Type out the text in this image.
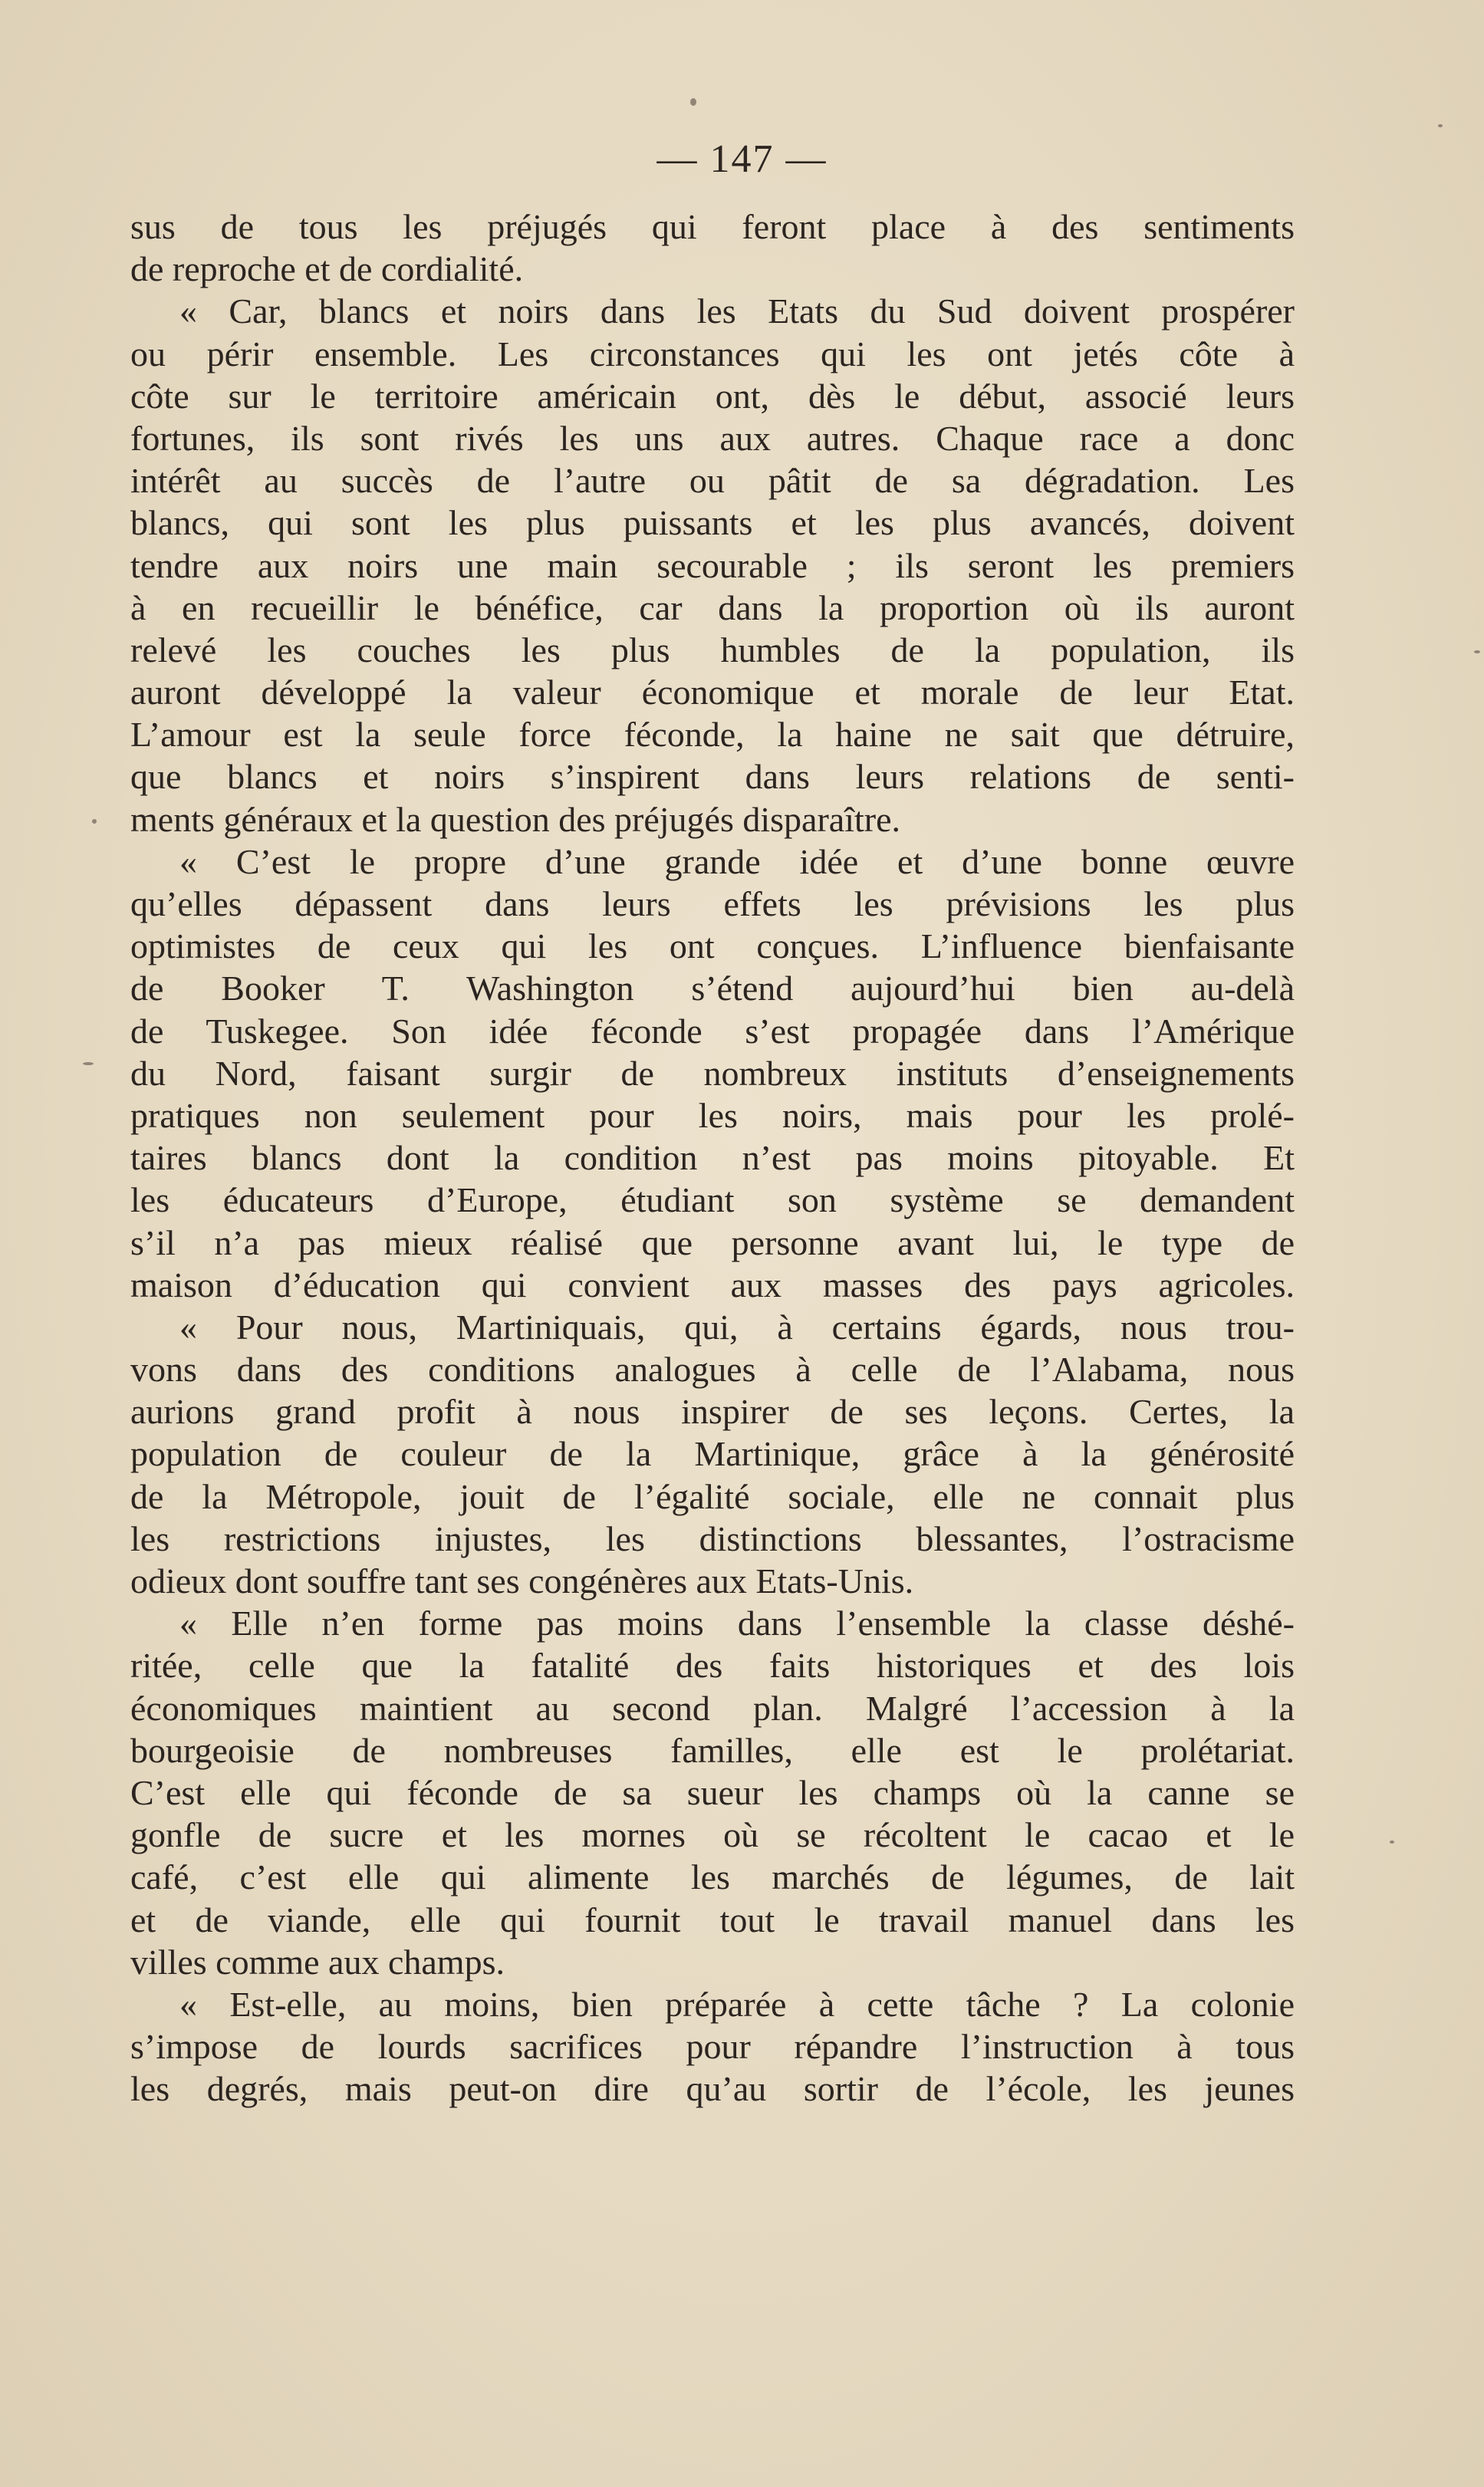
— 147 —
sus de tous les préjugés qui feront place à des sentiments
de reproche et de cordialité.
« Car, blancs et noirs dans les Etats du Sud doivent prospérer
ou périr ensemble. Les circonstances qui les ont jetés côte à
côte sur le territoire américain ont, dès le début, associé leurs
fortunes, ils sont rivés les uns aux autres. Chaque race a donc
intérêt au succès de l’autre ou pâtit de sa dégradation. Les
blancs, qui sont les plus puissants et les plus avancés, doivent
tendre aux noirs une main secourable ; ils seront les premiers
à en recueillir le bénéfice, car dans la proportion où ils auront
relevé les couches les plus humbles de la population, ils
auront développé la valeur économique et morale de leur Etat.
L’amour est la seule force féconde, la haine ne sait que détruire,
que blancs et noirs s’inspirent dans leurs relations de senti-
ments généraux et la question des préjugés disparaître.
« C’est le propre d’une grande idée et d’une bonne œuvre
qu’elles dépassent dans leurs effets les prévisions les plus
optimistes de ceux qui les ont conçues. L’influence bienfaisante
de Booker T. Washington s’étend aujourd’hui bien au-delà
de Tuskegee. Son idée féconde s’est propagée dans l’Amérique
du Nord, faisant surgir de nombreux instituts d’enseignements
pratiques non seulement pour les noirs, mais pour les prolé-
taires blancs dont la condition n’est pas moins pitoyable. Et
les éducateurs d’Europe, étudiant son système se demandent
s’il n’a pas mieux réalisé que personne avant lui, le type de
maison d’éducation qui convient aux masses des pays agricoles.
« Pour nous, Martiniquais, qui, à certains égards, nous trou-
vons dans des conditions analogues à celle de l’Alabama, nous
aurions grand profit à nous inspirer de ses leçons. Certes, la
population de couleur de la Martinique, grâce à la générosité
de la Métropole, jouit de l’égalité sociale, elle ne connait plus
les restrictions injustes, les distinctions blessantes, l’ostracisme
odieux dont souffre tant ses congénères aux Etats-Unis.
« Elle n’en forme pas moins dans l’ensemble la classe déshé-
ritée, celle que la fatalité des faits historiques et des lois
économiques maintient au second plan. Malgré l’accession à la
bourgeoisie de nombreuses familles, elle est le prolétariat.
C’est elle qui féconde de sa sueur les champs où la canne se
gonfle de sucre et les mornes où se récoltent le cacao et le
café, c’est elle qui alimente les marchés de légumes, de lait
et de viande, elle qui fournit tout le travail manuel dans les
villes comme aux champs.
« Est-elle, au moins, bien préparée à cette tâche ? La colonie
s’impose de lourds sacrifices pour répandre l’instruction à tous
les degrés, mais peut-on dire qu’au sortir de l’école, les jeunes
